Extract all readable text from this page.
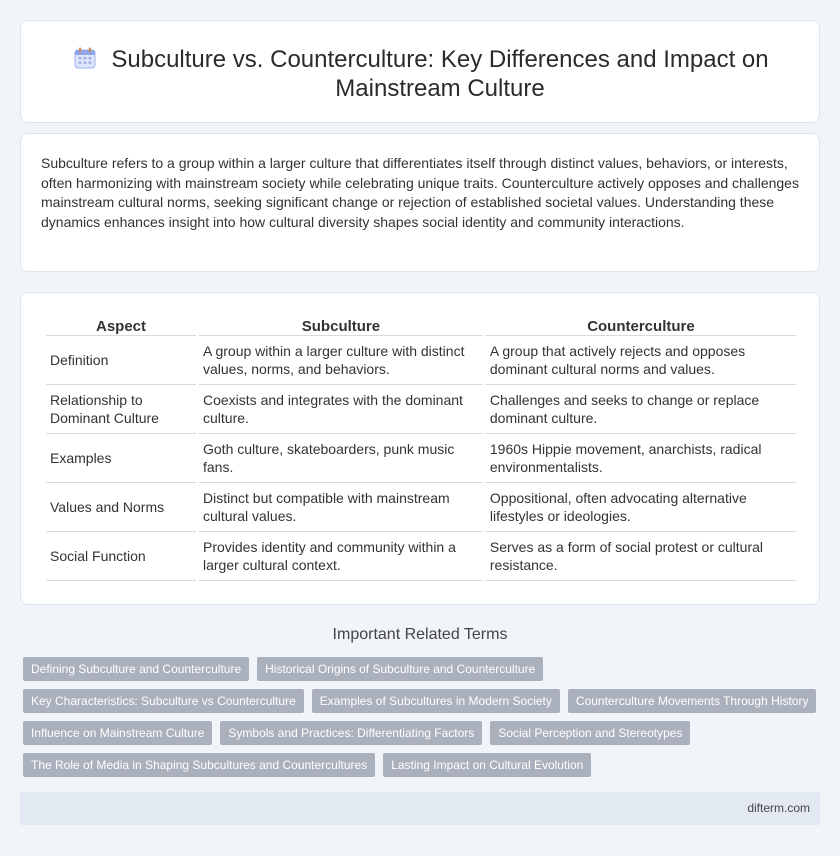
Subculture vs. Counterculture: Key Differences and Impact on Mainstream Culture

Subculture refers to a group within a larger culture that differentiates itself through distinct values, behaviors, or interests, often harmonizing with mainstream society while celebrating unique traits. Counterculture actively opposes and challenges mainstream cultural norms, seeking significant change or rejection of established societal values. Understanding these dynamics enhances insight into how cultural diversity shapes social identity and community interactions.

Aspect	Subculture	Counterculture
Definition	A group within a larger culture with distinct values, norms, and behaviors.	A group that actively rejects and opposes dominant cultural norms and values.
Relationship to Dominant Culture	Coexists and integrates with the dominant culture.	Challenges and seeks to change or replace dominant culture.
Examples	Goth culture, skateboarders, punk music fans.	1960s Hippie movement, anarchists, radical environmentalists.
Values and Norms	Distinct but compatible with mainstream cultural values.	Oppositional, often advocating alternative lifestyles or ideologies.
Social Function	Provides identity and community within a larger cultural context.	Serves as a form of social protest or cultural resistance.
Important Related Terms
Defining Subculture and Counterculture	Historical Origins of Subculture and Counterculture
Key Characteristics: Subculture vs Counterculture	Examples of Subcultures in Modern Society	Counterculture Movements Through History
Influence on Mainstream Culture	Symbols and Practices: Differentiating Factors	Social Perception and Stereotypes
The Role of Media in Shaping Subcultures and Countercultures	Lasting Impact on Cultural Evolution
difterm.com
